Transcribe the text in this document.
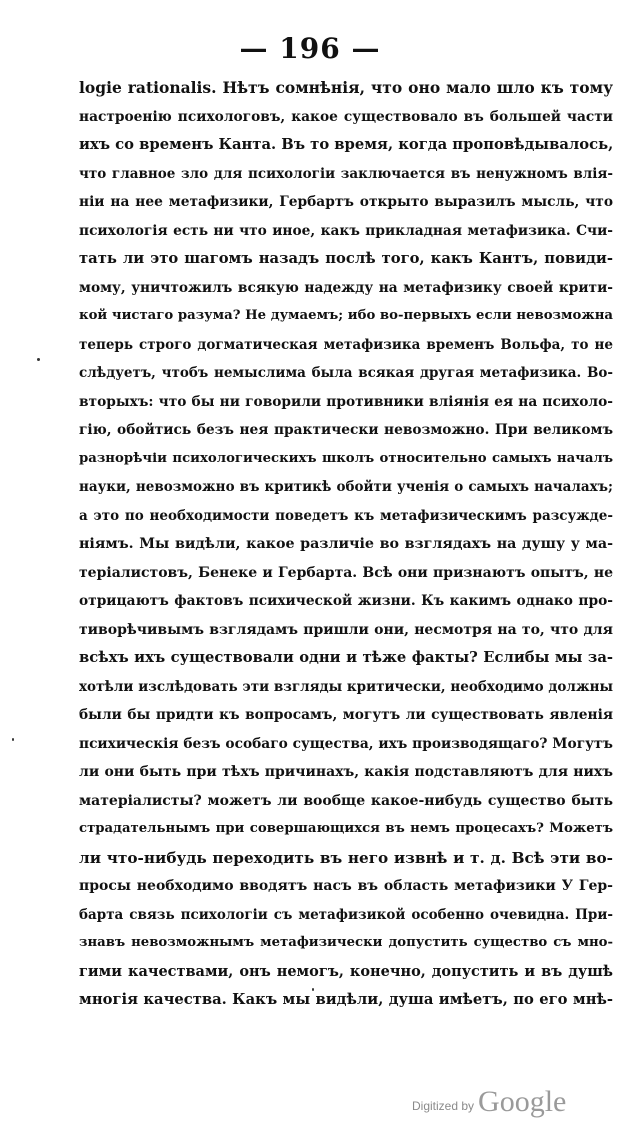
— 196 —
logie rationalis. Нѣтъ сомнѣнія, что оно мало шло къ тому
настроенію психологовъ, какое существовало въ большей части
ихъ со временъ Канта. Въ то время, когда проповѣдывалось,
что главное зло для психологіи заключается въ ненужномъ влія-
ніи на нее метафизики, Гербартъ открыто выразилъ мысль, что
психологія есть ни что иное, какъ прикладная метафизика. Счи-
тать ли это шагомъ назадъ послѣ того, какъ Кантъ, повиди-
мому, уничтожилъ всякую надежду на метафизику своей крити-
кой чистаго разума? Не думаемъ; ибо во-первыхъ если невозможна
теперь строго догматическая метафизика временъ Вольфа, то не
слѣдуетъ, чтобъ немыслима была всякая другая метафизика. Во-
вторыхъ: что бы ни говорили противники вліянія ея на психоло-
гію, обойтись безъ нея практически невозможно. При великомъ
разнорѣчіи психологическихъ школъ относительно самыхъ началъ
науки, невозможно въ критикѣ обойти ученія о самыхъ началахъ;
а это по необходимости поведетъ къ метафизическимъ разсужде-
ніямъ. Мы видѣли, какое различіе во взглядахъ на душу у ма-
теріалистовъ, Бенеке и Гербарта. Всѣ они признаютъ опытъ, не
отрицаютъ фактовъ психической жизни. Къ какимъ однако про-
тиворѣчивымъ взглядамъ пришли они, несмотря на то, что для
всѣхъ ихъ существовали одни и тѣже факты? Еслибы мы за-
хотѣли изслѣдовать эти взгляды критически, необходимо должны
были бы придти къ вопросамъ, могутъ ли существовать явленія
психическія безъ особаго существа, ихъ производящаго? Могутъ
ли они быть при тѣхъ причинахъ, какія подставляютъ для нихъ
матеріалисты? можетъ ли вообще какое-нибудь существо быть
страдательнымъ при совершающихся въ немъ процесахъ? Можетъ
ли что-нибудь переходить въ него извнѣ и т. д. Всѣ эти во-
просы необходимо вводятъ насъ въ область метафизики У Гер-
барта связь психологіи съ метафизикой особенно очевидна. При-
знавъ невозможнымъ метафизически допустить существо съ мно-
гими качествами, онъ немогъ, конечно, допустить и въ душѣ
многія качества. Какъ мы видѣли, душа имѣетъ, по его мнѣ-
Digitized by Google
